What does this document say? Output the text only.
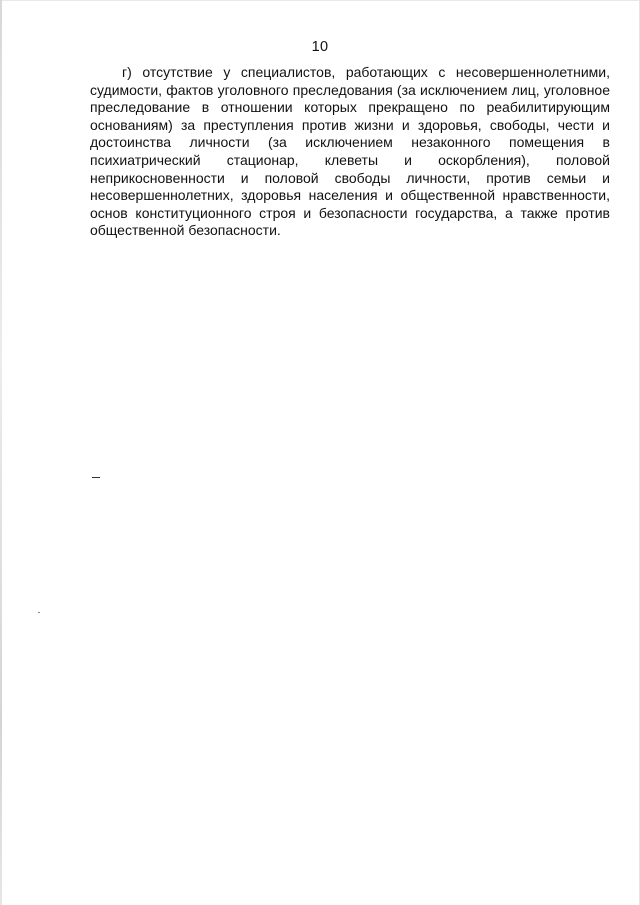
10
г) отсутствие у специалистов, работающих с несовершеннолетними,
судимости, фактов уголовного преследования (за исключением лиц, уголовное
преследование в отношении которых прекращено по реабилитирующим
основаниям) за преступления против жизни и здоровья, свободы, чести и
достоинства личности (за исключением незаконного помещения в
психиатрический стационар, клеветы и оскорбления), половой
неприкосновенности и половой свободы личности, против семьи и
несовершеннолетних, здоровья населения и общественной нравственности,
основ конституционного строя и безопасности государства, а также против
общественной безопасности.
